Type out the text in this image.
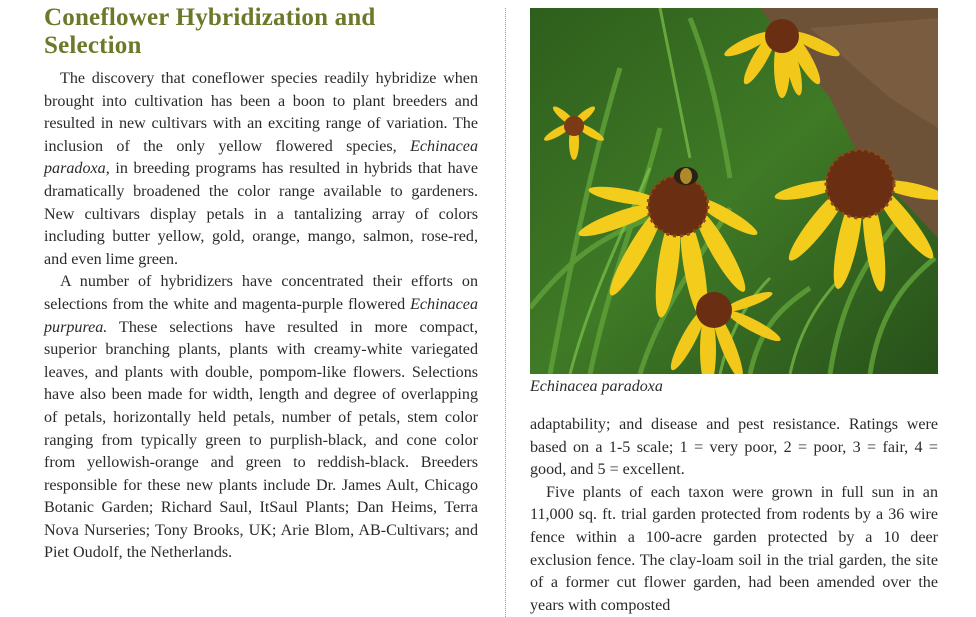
Coneflower Hybridization and Selection

The discovery that coneflower species readily hybridize when brought into cultivation has been a boon to plant breeders and resulted in new cultivars with an exciting range of variation. The inclusion of the only yellow flowered species, Echinacea paradoxa, in breeding programs has resulted in hybrids that have dramatically broadened the color range available to gardeners. New cultivars display petals in a tantalizing array of colors including butter yellow, gold, orange, mango, salmon, rose-red, and even lime green.

A number of hybridizers have concentrated their efforts on selections from the white and magenta-purple flowered Echinacea purpurea. These selections have resulted in more compact, superior branching plants, plants with creamy-white variegated leaves, and plants with double, pompom-like flowers. Selections have also been made for width, length and degree of overlapping of petals, horizontally held petals, number of petals, stem color ranging from typically green to purplish-black, and cone color from yellowish-orange and green to reddish-black. Breeders responsible for these new plants include Dr. James Ault, Chicago Botanic Garden; Richard Saul, ItSaul Plants; Dan Heims, Terra Nova Nurseries; Tony Brooks, UK; Arie Blom, AB-Cultivars; and Piet Oudolf, the Netherlands.

Echinacea paradoxa

adaptability; and disease and pest resistance. Ratings were based on a 1-5 scale; 1 = very poor, 2 = poor, 3 = fair, 4 = good, and 5 = excellent.

Five plants of each taxon were grown in full sun in an 11,000 sq. ft. trial garden protected from rodents by a 36 wire fence within a 100-acre garden protected by a 10 deer exclusion fence. The clay-loam soil in the trial garden, the site of a former cut flower garden, had been amended over the years with composted
